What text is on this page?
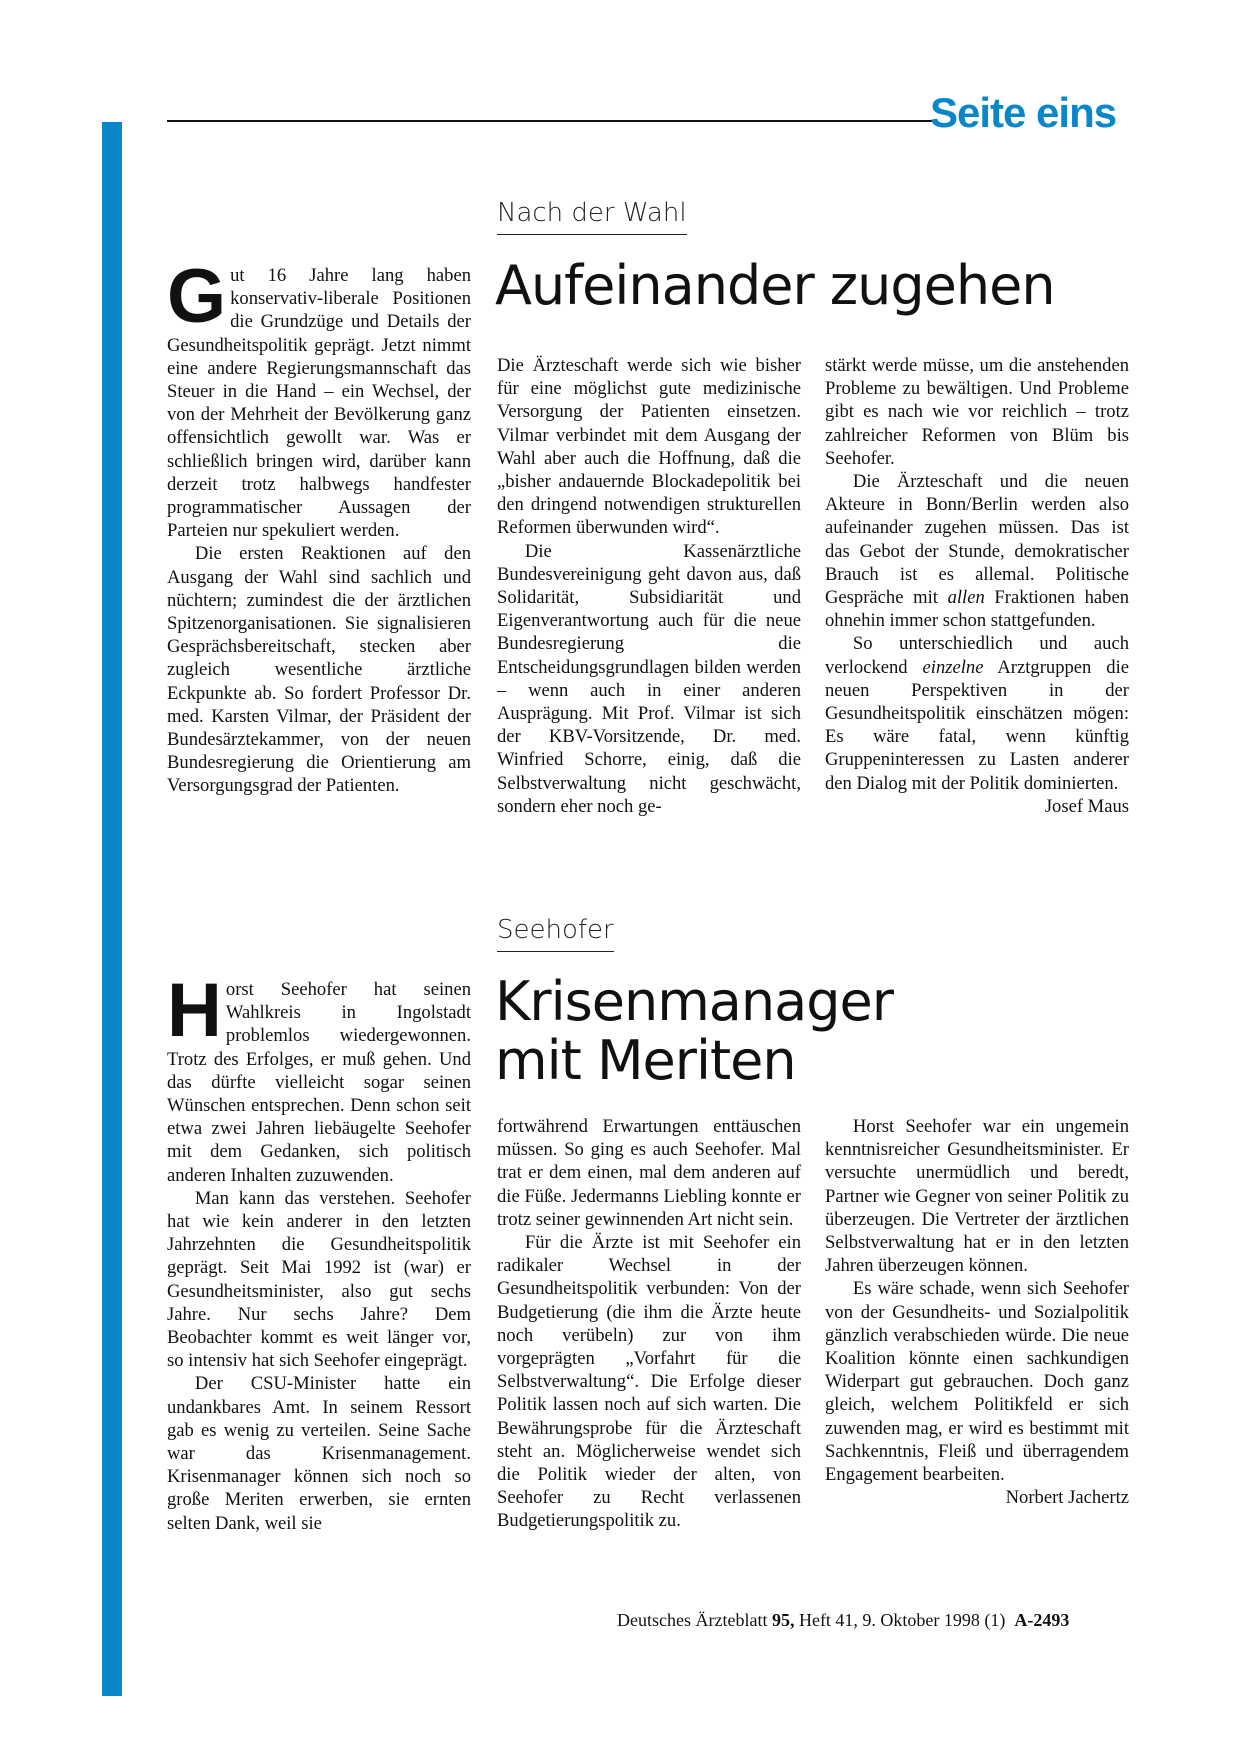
Seite eins
Nach der Wahl
Aufeinander zugehen

Gut 16 Jahre lang haben konservativ-liberale Positionen die Grundzüge und Details der Gesundheitspolitik geprägt. Jetzt nimmt eine andere Regierungsmannschaft das Steuer in die Hand – ein Wechsel, der von der Mehrheit der Bevölkerung ganz offensichtlich gewollt war. Was er schließlich bringen wird, darüber kann derzeit trotz halbwegs handfester programmatischer Aussagen der Parteien nur spekuliert werden.

Die ersten Reaktionen auf den Ausgang der Wahl sind sachlich und nüchtern; zumindest die der ärztlichen Spitzenorganisationen. Sie signalisieren Gesprächsbereitschaft, stecken aber zugleich wesentliche ärztliche Eckpunkte ab. So fordert Professor Dr. med. Karsten Vilmar, der Präsident der Bundesärztekammer, von der neuen Bundesregierung die Orientierung am Versorgungsgrad der Patienten.

Die Ärzteschaft werde sich wie bisher für eine möglichst gute medizinische Versorgung der Patienten einsetzen. Vilmar verbindet mit dem Ausgang der Wahl aber auch die Hoffnung, daß die „bisher andauernde Blockadepolitik bei den dringend notwendigen strukturellen Reformen überwunden wird“.

Die Kassenärztliche Bundesvereinigung geht davon aus, daß Solidarität, Subsidiarität und Eigenverantwortung auch für die neue Bundesregierung die Entscheidungsgrundlagen bilden werden – wenn auch in einer anderen Ausprägung. Mit Prof. Vilmar ist sich der KBV-Vorsitzende, Dr. med. Winfried Schorre, einig, daß die Selbstverwaltung nicht geschwächt, sondern eher noch ge-

stärkt werde müsse, um die anstehenden Probleme zu bewältigen. Und Probleme gibt es nach wie vor reichlich – trotz zahlreicher Reformen von Blüm bis Seehofer.

Die Ärzteschaft und die neuen Akteure in Bonn/Berlin werden also aufeinander zugehen müssen. Das ist das Gebot der Stunde, demokratischer Brauch ist es allemal. Politische Gespräche mit allen Fraktionen haben ohnehin immer schon stattgefunden.

So unterschiedlich und auch verlockend einzelne Arztgruppen die neuen Perspektiven in der Gesundheitspolitik einschätzen mögen: Es wäre fatal, wenn künftig Gruppeninteressen zu Lasten anderer den Dialog mit der Politik dominierten.
Josef Maus

Seehofer
Krisenmanager
mit Meriten

Horst Seehofer hat seinen Wahlkreis in Ingolstadt problemlos wiedergewonnen. Trotz des Erfolges, er muß gehen. Und das dürfte vielleicht sogar seinen Wünschen entsprechen. Denn schon seit etwa zwei Jahren liebäugelte Seehofer mit dem Gedanken, sich politisch anderen Inhalten zuzuwenden.

Man kann das verstehen. Seehofer hat wie kein anderer in den letzten Jahrzehnten die Gesundheitspolitik geprägt. Seit Mai 1992 ist (war) er Gesundheitsminister, also gut sechs Jahre. Nur sechs Jahre? Dem Beobachter kommt es weit länger vor, so intensiv hat sich Seehofer eingeprägt.

Der CSU-Minister hatte ein undankbares Amt. In seinem Ressort gab es wenig zu verteilen. Seine Sache war das Krisenmanagement. Krisenmanager können sich noch so große Meriten erwerben, sie ernten selten Dank, weil sie

fortwährend Erwartungen enttäuschen müssen. So ging es auch Seehofer. Mal trat er dem einen, mal dem anderen auf die Füße. Jedermanns Liebling konnte er trotz seiner gewinnenden Art nicht sein.

Für die Ärzte ist mit Seehofer ein radikaler Wechsel in der Gesundheitspolitik verbunden: Von der Budgetierung (die ihm die Ärzte heute noch verübeln) zur von ihm vorgeprägten „Vorfahrt für die Selbstverwaltung“. Die Erfolge dieser Politik lassen noch auf sich warten. Die Bewährungsprobe für die Ärzteschaft steht an. Möglicherweise wendet sich die Politik wieder der alten, von Seehofer zu Recht verlassenen Budgetierungspolitik zu.

Horst Seehofer war ein ungemein kenntnisreicher Gesundheitsminister. Er versuchte unermüdlich und beredt, Partner wie Gegner von seiner Politik zu überzeugen. Die Vertreter der ärztlichen Selbstverwaltung hat er in den letzten Jahren überzeugen können.

Es wäre schade, wenn sich Seehofer von der Gesundheits- und Sozialpolitik gänzlich verabschieden würde. Die neue Koalition könnte einen sachkundigen Widerpart gut gebrauchen. Doch ganz gleich, welchem Politikfeld er sich zuwenden mag, er wird es bestimmt mit Sachkenntnis, Fleiß und überragendem Engagement bearbeiten.
Norbert Jachertz

Deutsches Ärzteblatt 95, Heft 41, 9. Oktober 1998 (1) A-2493
